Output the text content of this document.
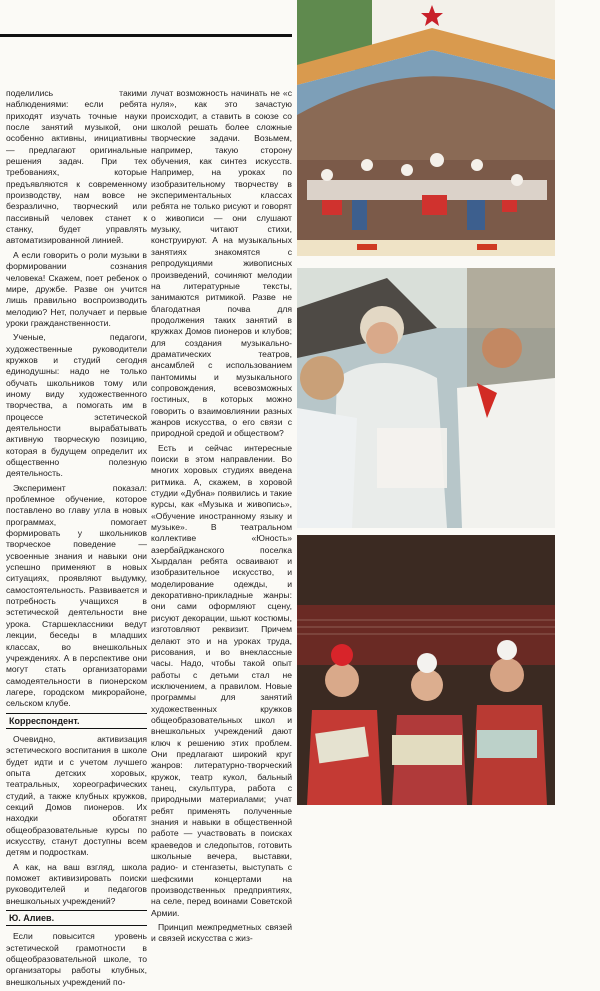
поделились такими наблюдениями: если ребята приходят изучать точные науки после занятий музыкой, они особенно активны, инициативны — предлагают оригинальные решения задач. При тех требованиях, которые предъявляются к современному производству, нам вовсе не безразлично, творческий или пассивный человек станет к станку, будет управлять автоматизированной линией.

А если говорить о роли музыки в формировании сознания человека! Скажем, поет ребенок о мире, дружбе. Разве он учится лишь правильно воспроизводить мелодию? Нет, получает и первые уроки гражданственности.

Ученые, педагоги, художественные руководители кружков и студий сегодня единодушны: надо не только обучать школьников тому или иному виду художественного творчества, а помогать им в процессе эстетической деятельности вырабатывать активную творческую позицию, которая в будущем определит их общественно полезную деятельность.

Эксперимент показал: проблемное обучение, которое поставлено во главу угла в новых программах, помогает формировать у школьников творческое поведение — усвоенные знания и навыки они успешно применяют в новых ситуациях, проявляют выдумку, самостоятельность. Развивается и потребность учащихся в эстетической деятельности вне урока. Старшеклассники ведут лекции, беседы в младших классах, во внешкольных учреждениях. А в перспективе они могут стать организаторами самодеятельности в пионерском лагере, городском микрорайоне, сельском клубе.

Корреспондент.

Очевидно, активизация эстетического воспитания в школе будет идти и с учетом лучшего опыта детских хоровых, театральных, хореографических студий, а также клубных кружков, секций Домов пионеров. Их находки обогатят общеобразовательные курсы по искусству, станут доступны всем детям и подросткам.

А как, на ваш взгляд, школа поможет активизировать поиски руководителей и педагогов внешкольных учреждений?

Ю. Алиев.

Если повысится уровень эстетической грамотности в общеобразовательной школе, то организаторы работы клубных, внешкольных учреждений по-

лучат возможность начинать не «с нуля», как это зачастую происходит, а ставить в союзе со школой решать более сложные творческие задачи. Возьмем, например, такую сторону обучения, как синтез искусств. Например, на уроках по изобразительному творчеству в экспериментальных классах ребята не только рисуют и говорят о живописи — они слушают музыку, читают стихи, конструируют. А на музыкальных занятиях знакомятся с репродукциями живописных произведений, сочиняют мелодии на литературные тексты, занимаются ритмикой. Разве не благодатная почва для продолжения таких занятий в кружках Домов пионеров и клубов; для создания музыкально-драматических театров, ансамблей с использованием пантомимы и музыкального сопровождения, всевозможных гостиных, в которых можно говорить о взаимовлиянии разных жанров искусства, о его связи с природной средой и обществом?

Есть и сейчас интересные поиски в этом направлении. Во многих хоровых студиях введена ритмика. А, скажем, в хоровой студии «Дубна» появились и такие курсы, как «Музыка и живопись», «Обучение иностранному языку и музыке». В театральном коллективе «Юность» азербайджанского поселка Хырдалан ребята осваивают и изобразительное искусство, и моделирование одежды, и декоративно-прикладные жанры: они сами оформляют сцену, рисуют декорации, шьют костюмы, изготовляют реквизит. Причем делают это и на уроках труда, рисования, и во внеклассные часы. Надо, чтобы такой опыт работы с детьми стал не исключением, а правилом. Новые программы для занятий художественных кружков общеобразовательных школ и внешкольных учреждений дают ключ к решению этих проблем. Они предлагают широкий круг жанров: литературно-творческий кружок, театр кукол, бальный танец, скульптура, работа с природными материалами; учат ребят применять полученные знания и навыки в общественной работе — участвовать в поисках краеведов и следопытов, готовить школьные вечера, выставки, радио- и стенгазеты, выступать с шефскими концертами на производственных предприятиях, на селе, перед воинами Советской Армии.

Принцип межпредметных связей и связей искусства с жиз-
